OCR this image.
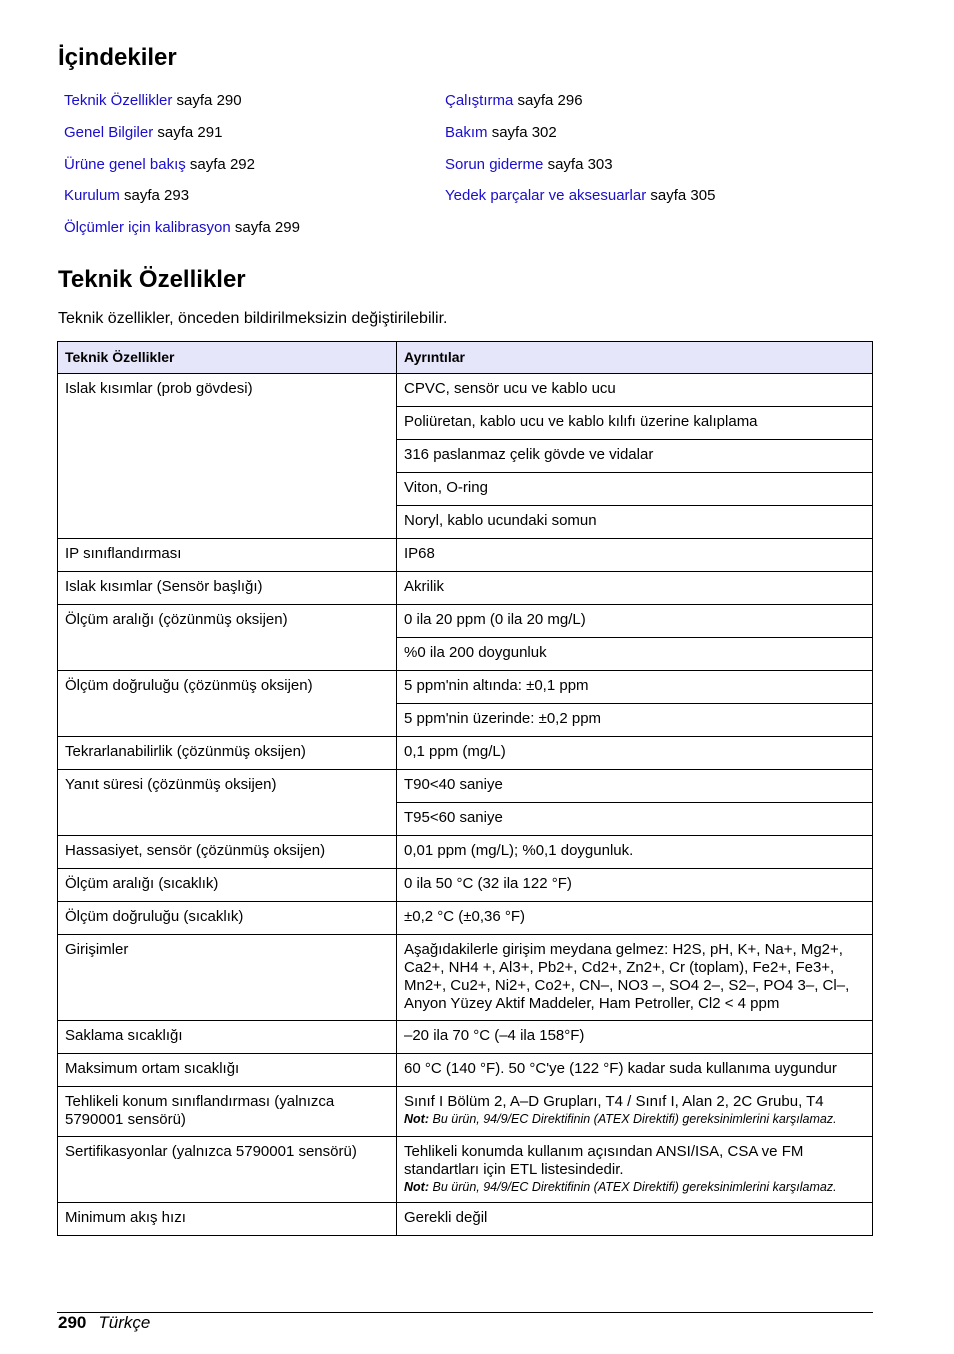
İçindekiler
Teknik Özellikler sayfa 290
Genel Bilgiler sayfa 291
Ürüne genel bakış sayfa 292
Kurulum sayfa 293
Ölçümler için kalibrasyon sayfa 299
Çalıştırma sayfa 296
Bakım sayfa 302
Sorun giderme sayfa 303
Yedek parçalar ve aksesuarlar sayfa 305
Teknik Özellikler
Teknik özellikler, önceden bildirilmeksizin değiştirilebilir.
Teknik Özellikler	Ayrıntılar
Islak kısımlar (prob gövdesi)	CPVC, sensör ucu ve kablo ucu
	Poliüretan, kablo ucu ve kablo kılıfı üzerine kalıplama
	316 paslanmaz çelik gövde ve vidalar
	Viton, O-ring
	Noryl, kablo ucundaki somun
IP sınıflandırması	IP68
Islak kısımlar (Sensör başlığı)	Akrilik
Ölçüm aralığı (çözünmüş oksijen)	0 ila 20 ppm (0 ila 20 mg/L)
	%0 ila 200 doygunluk
Ölçüm doğruluğu (çözünmüş oksijen)	5 ppm'nin altında: ±0,1 ppm
	5 ppm'nin üzerinde: ±0,2 ppm
Tekrarlanabilirlik (çözünmüş oksijen)	0,1 ppm (mg/L)
Yanıt süresi (çözünmüş oksijen)	T90<40 saniye
	T95<60 saniye
Hassasiyet, sensör (çözünmüş oksijen)	0,01 ppm (mg/L); %0,1 doygunluk.
Ölçüm aralığı (sıcaklık)	0 ila 50 °C (32 ila 122 °F)
Ölçüm doğruluğu (sıcaklık)	±0,2 °C (±0,36 °F)
Girişimler	Aşağıdakilerle girişim meydana gelmez: H2S, pH, K+, Na+, Mg2+, Ca2+, NH4 +, Al3+, Pb2+, Cd2+, Zn2+, Cr (toplam), Fe2+, Fe3+, Mn2+, Cu2+, Ni2+, Co2+, CN–, NO3 –, SO4 2–, S2–, PO4 3–, Cl–, Anyon Yüzey Aktif Maddeler, Ham Petroller, Cl2 < 4 ppm
Saklama sıcaklığı	–20 ila 70 °C (–4 ila 158°F)
Maksimum ortam sıcaklığı	60 °C (140 °F). 50 °C'ye (122 °F) kadar suda kullanıma uygundur
Tehlikeli konum sınıflandırması (yalnızca 5790001 sensörü)	Sınıf I Bölüm 2, A–D Grupları, T4 / Sınıf I, Alan 2, 2C Grubu, T4
Not: Bu ürün, 94/9/EC Direktifinin (ATEX Direktifi) gereksinimlerini karşılamaz.

Sertifikasyonlar (yalnızca 5790001 sensörü)	Tehlikeli konumda kullanım açısından ANSI/ISA, CSA ve FM standartları için ETL listesindedir.
Not: Bu ürün, 94/9/EC Direktifinin (ATEX Direktifi) gereksinimlerini karşılamaz.

Minimum akış hızı	Gerekli değil
290 Türkçe
